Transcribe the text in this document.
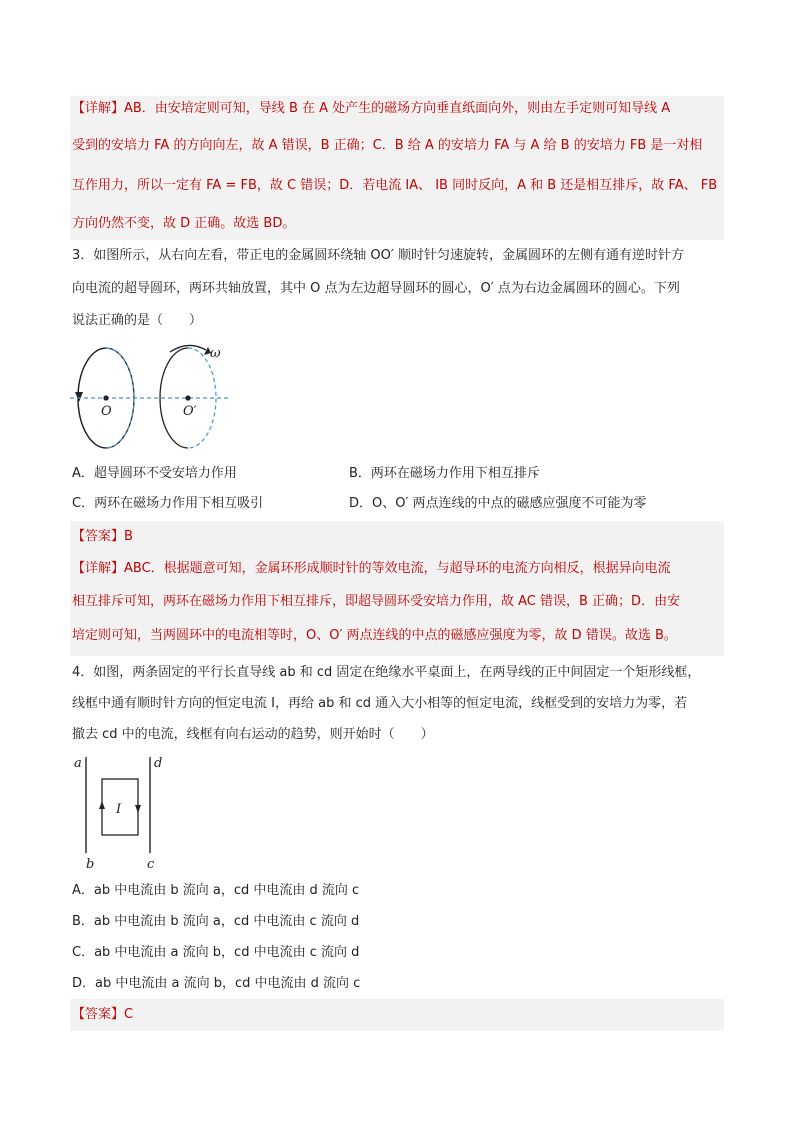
【详解】AB．由安培定则可知，导线 B 在 A 处产生的磁场方向垂直纸面向外，则由左手定则可知导线 A
受到的安培力 FA 的方向向左，故 A 错误，B 正确；C．B 给 A 的安培力 FA 与 A 给 B 的安培力 FB 是一对相
互作用力，所以一定有 FA = FB，故 C 错误；D．若电流 IA、 IB 同时反向，A 和 B 还是相互排斥，故 FA、 FB
方向仍然不变，故 D 正确。故选 BD。
3．如图所示，从右向左看，带正电的金属圆环绕轴 OO′ 顺时针匀速旋转，金属圆环的左侧有通有逆时针方
向电流的超导圆环，两环共轴放置，其中 O 点为左边超导圆环的圆心，O′ 点为右边金属圆环的圆心。下列
说法正确的是（　　）
O	O′
ω
A．超导圆环不受安培力作用	B．两环在磁场力作用下相互排斥
C．两环在磁场力作用下相互吸引	D．O、O′ 两点连线的中点的磁感应强度不可能为零
【答案】B
【详解】ABC．根据题意可知，金属环形成顺时针的等效电流，与超导环的电流方向相反，根据异向电流
相互排斥可知，两环在磁场力作用下相互排斥，即超导圆环受安培力作用，故 AC 错误，B 正确；D．由安
培定则可知，当两圆环中的电流相等时，O、O′ 两点连线的中点的磁感应强度为零，故 D 错误。故选 B。
4．如图，两条固定的平行长直导线 ab 和 cd 固定在绝缘水平桌面上，在两导线的正中间固定一个矩形线框，
线框中通有顺时针方向的恒定电流 I，再给 ab 和 cd 通入大小相等的恒定电流，线框受到的安培力为零，若
撤去 cd 中的电流，线框有向右运动的趋势，则开始时（　　）
a	d
b	c
I
A．ab 中电流由 b 流向 a，cd 中电流由 d 流向 c
B．ab 中电流由 b 流向 a，cd 中电流由 c 流向 d
C．ab 中电流由 a 流向 b，cd 中电流由 c 流向 d
D．ab 中电流由 a 流向 b，cd 中电流由 d 流向 c
【答案】C
